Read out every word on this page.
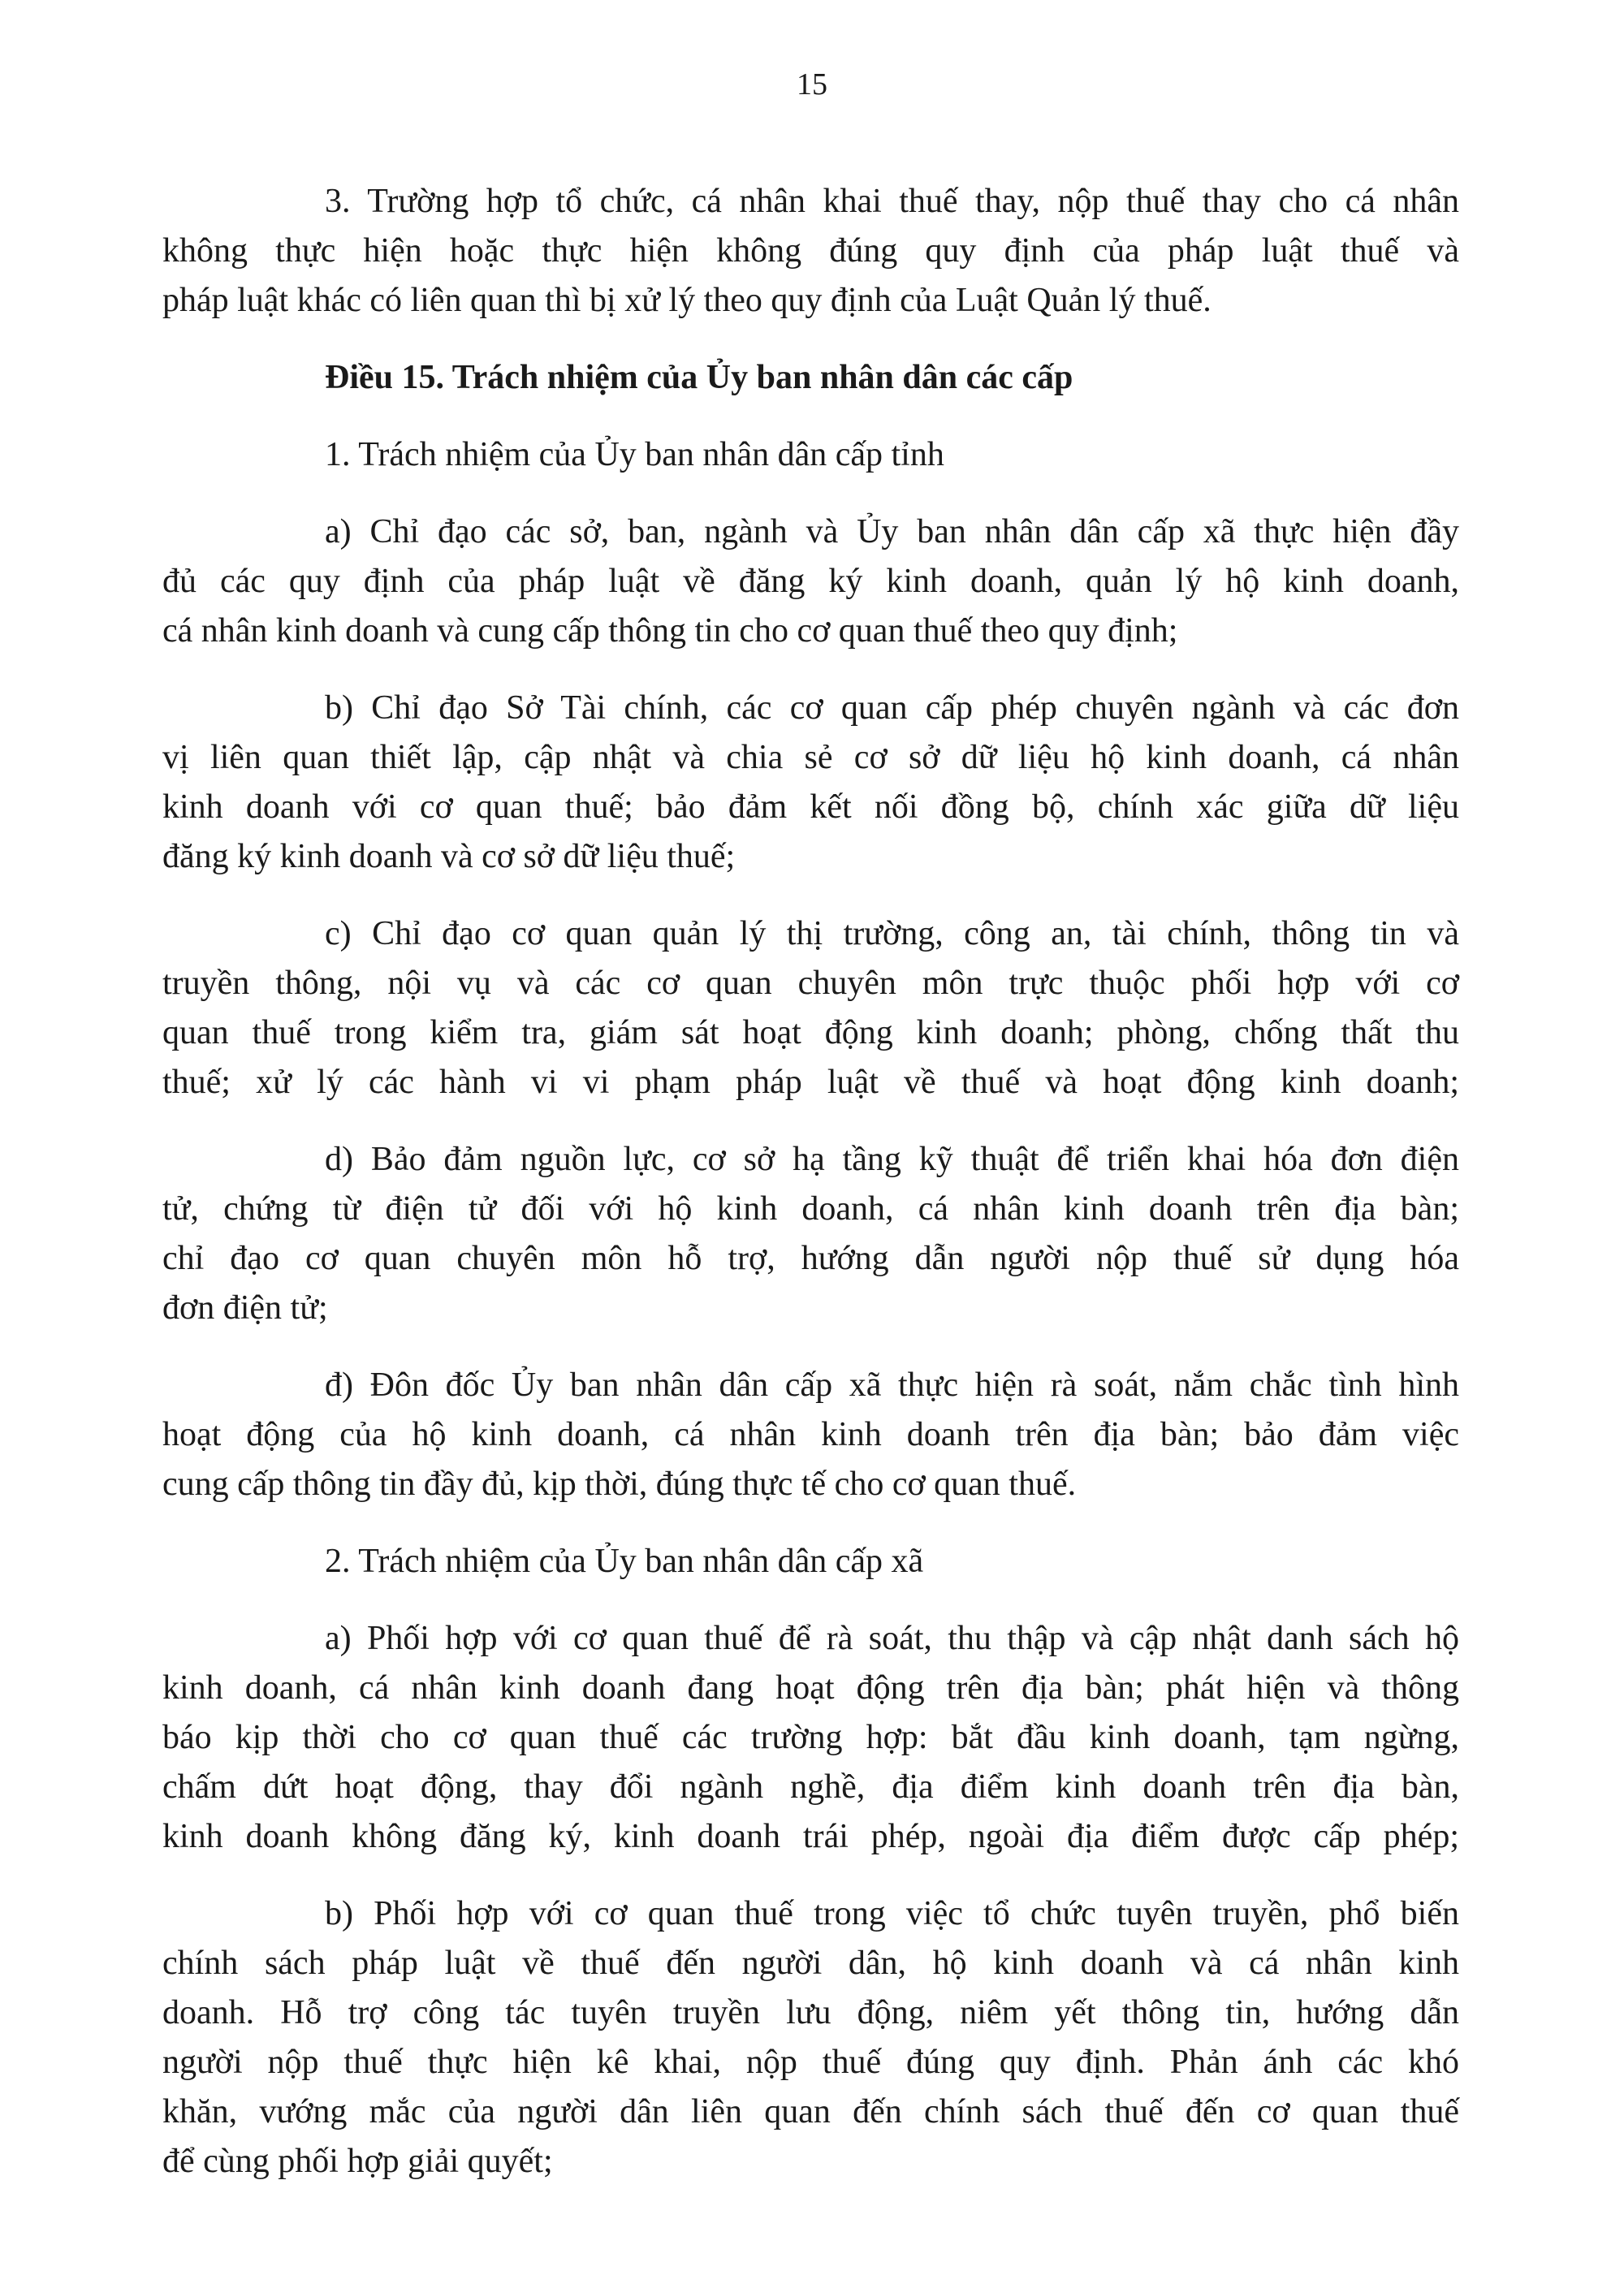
15

3. Trường hợp tổ chức, cá nhân khai thuế thay, nộp thuế thay cho cá nhân
không thực hiện hoặc thực hiện không đúng quy định của pháp luật thuế và
pháp luật khác có liên quan thì bị xử lý theo quy định của Luật Quản lý thuế.

Điều 15. Trách nhiệm của Ủy ban nhân dân các cấp

1. Trách nhiệm của Ủy ban nhân dân cấp tỉnh

a) Chỉ đạo các sở, ban, ngành và Ủy ban nhân dân cấp xã thực hiện đầy
đủ các quy định của pháp luật về đăng ký kinh doanh, quản lý hộ kinh doanh,
cá nhân kinh doanh và cung cấp thông tin cho cơ quan thuế theo quy định;

b) Chỉ đạo Sở Tài chính, các cơ quan cấp phép chuyên ngành và các đơn
vị liên quan thiết lập, cập nhật và chia sẻ cơ sở dữ liệu hộ kinh doanh, cá nhân
kinh doanh với cơ quan thuế; bảo đảm kết nối đồng bộ, chính xác giữa dữ liệu
đăng ký kinh doanh và cơ sở dữ liệu thuế;

c) Chỉ đạo cơ quan quản lý thị trường, công an, tài chính, thông tin và
truyền thông, nội vụ và các cơ quan chuyên môn trực thuộc phối hợp với cơ
quan thuế trong kiểm tra, giám sát hoạt động kinh doanh; phòng, chống thất thu
thuế; xử lý các hành vi vi phạm pháp luật về thuế và hoạt động kinh doanh;

d) Bảo đảm nguồn lực, cơ sở hạ tầng kỹ thuật để triển khai hóa đơn điện
tử, chứng từ điện tử đối với hộ kinh doanh, cá nhân kinh doanh trên địa bàn;
chỉ đạo cơ quan chuyên môn hỗ trợ, hướng dẫn người nộp thuế sử dụng hóa
đơn điện tử;

đ) Đôn đốc Ủy ban nhân dân cấp xã thực hiện rà soát, nắm chắc tình hình
hoạt động của hộ kinh doanh, cá nhân kinh doanh trên địa bàn; bảo đảm việc
cung cấp thông tin đầy đủ, kịp thời, đúng thực tế cho cơ quan thuế.

2. Trách nhiệm của Ủy ban nhân dân cấp xã

a) Phối hợp với cơ quan thuế để rà soát, thu thập và cập nhật danh sách hộ
kinh doanh, cá nhân kinh doanh đang hoạt động trên địa bàn; phát hiện và thông
báo kịp thời cho cơ quan thuế các trường hợp: bắt đầu kinh doanh, tạm ngừng,
chấm dứt hoạt động, thay đổi ngành nghề, địa điểm kinh doanh trên địa bàn,
kinh doanh không đăng ký, kinh doanh trái phép, ngoài địa điểm được cấp phép;

b) Phối hợp với cơ quan thuế trong việc tổ chức tuyên truyền, phổ biến
chính sách pháp luật về thuế đến người dân, hộ kinh doanh và cá nhân kinh
doanh. Hỗ trợ công tác tuyên truyền lưu động, niêm yết thông tin, hướng dẫn
người nộp thuế thực hiện kê khai, nộp thuế đúng quy định. Phản ánh các khó
khăn, vướng mắc của người dân liên quan đến chính sách thuế đến cơ quan thuế
để cùng phối hợp giải quyết;
